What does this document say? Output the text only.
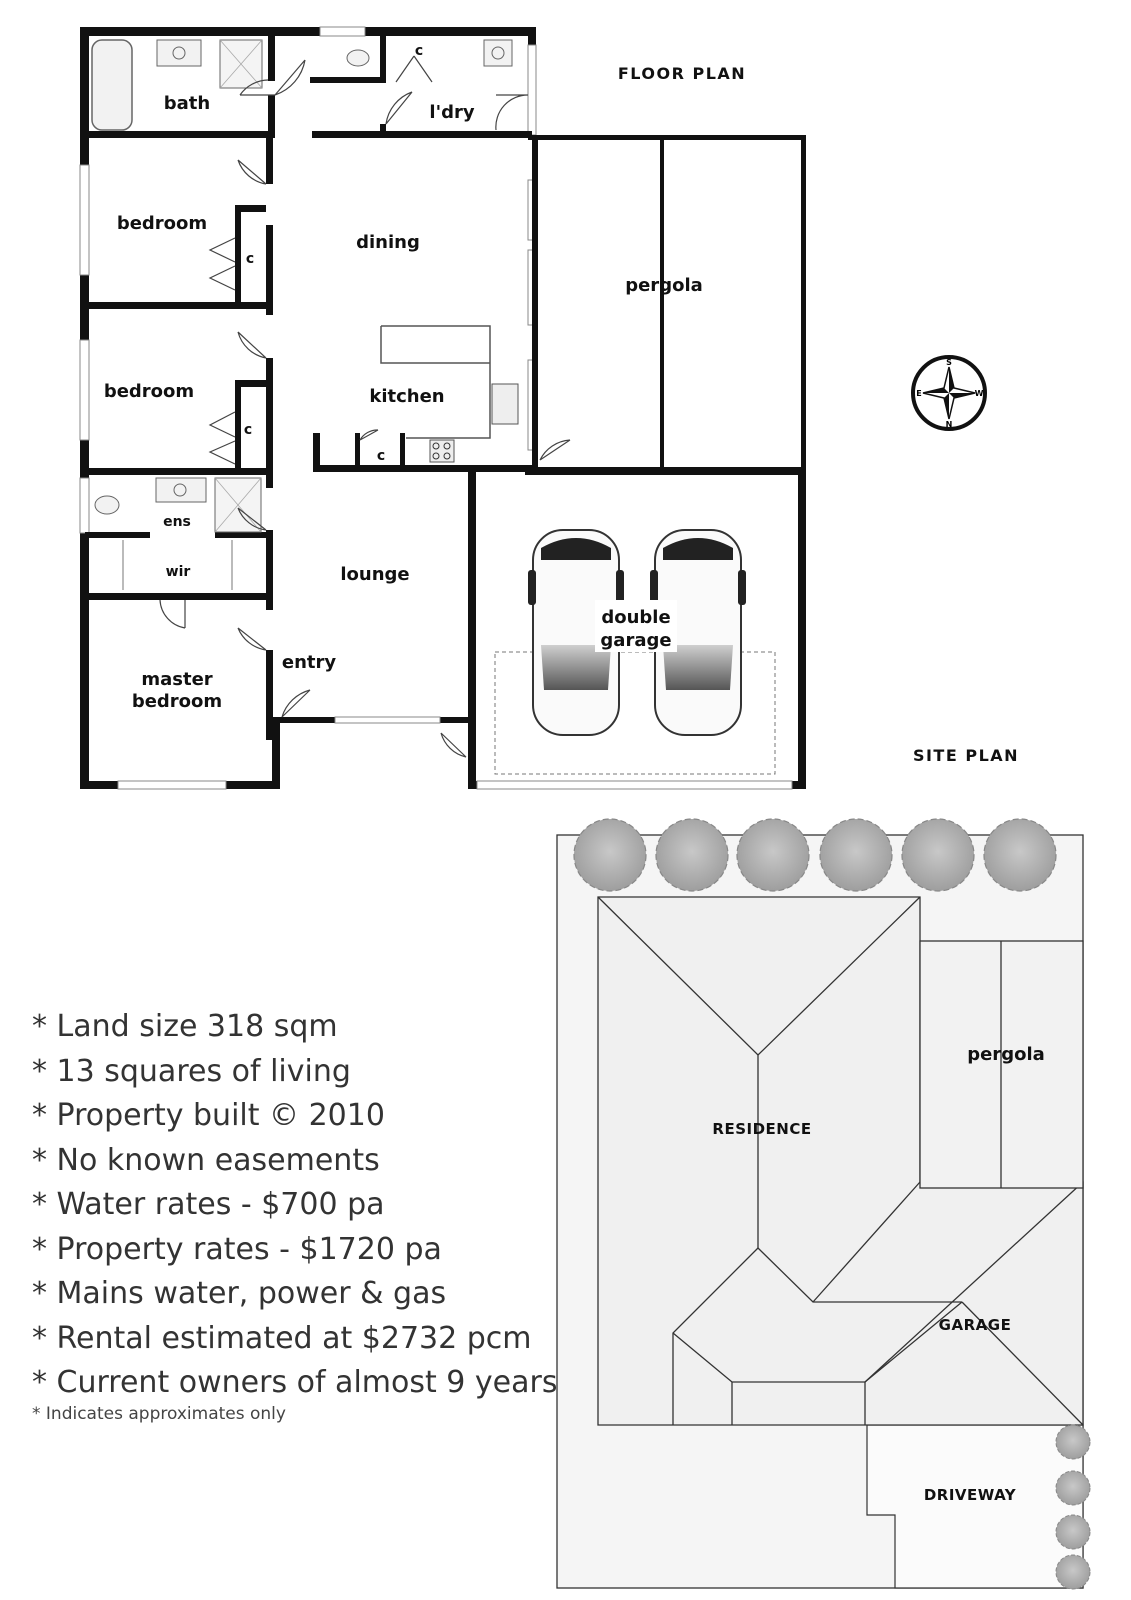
bath	l'dry
c
bedroom
c
dining
pergola
bedroom
c
kitchen
c
ens
wir	lounge
double
garage
entry
master
bedroom
FLOOR PLAN
S
N
E	W
SITE PLAN
RESIDENCE
pergola
GARAGE
DRIVEWAY
* Land size 318 sqm
* 13 squares of living
* Property built © 2010
* No known easements
* Water rates - $700 pa
* Property rates - $1720 pa
* Mains water, power & gas
* Rental estimated at $2732 pcm
* Current owners of almost 9 years
* Indicates approximates only
